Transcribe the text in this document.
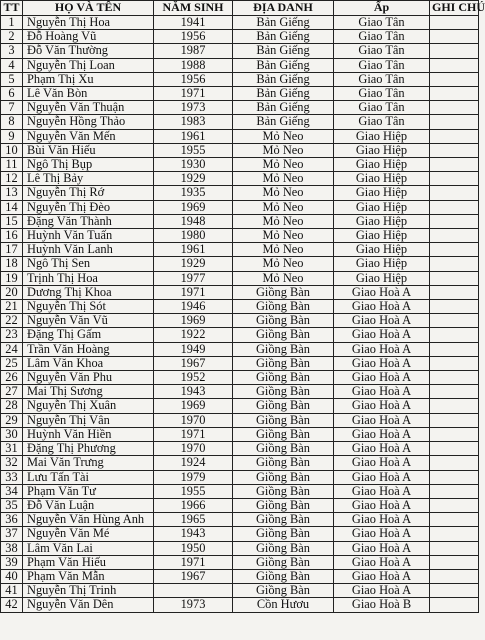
TT	HỌ VÀ TÊN	NĂM SINH	ĐỊA DANH	Ấp	GHI CHÚ
1	Nguyễn Thị Hoa	1941	Bản Giếng	Giao Tân	
2	Đỗ Hoàng Vũ	1956	Bản Giếng	Giao Tân	
3	Đỗ Văn Thường	1987	Bản Giếng	Giao Tân	
4	Nguyễn Thị Loan	1988	Bản Giếng	Giao Tân	
5	Phạm Thị Xu	1956	Bản Giếng	Giao Tân	
6	Lê Văn Bòn	1971	Bản Giếng	Giao Tân	
7	Nguyễn Văn Thuận	1973	Bản Giếng	Giao Tân	
8	Nguyễn Hồng Thảo	1983	Bản Giếng	Giao Tân	
9	Nguyễn Văn Mến	1961	Mỏ Neo	Giao Hiệp	
10	Bùi Văn Hiếu	1955	Mỏ Neo	Giao Hiệp	
11	Ngô Thị Bụp	1930	Mỏ Neo	Giao Hiệp	
12	Lê Thị Bảy	1929	Mỏ Neo	Giao Hiệp	
13	Nguyễn Thị Rớ	1935	Mỏ Neo	Giao Hiệp	
14	Nguyễn Thị Đèo	1969	Mỏ Neo	Giao Hiệp	
15	Đặng Văn Thành	1948	Mỏ Neo	Giao Hiệp	
16	Huỳnh Văn Tuấn	1980	Mỏ Neo	Giao Hiệp	
17	Huỳnh Văn Lanh	1961	Mỏ Neo	Giao Hiệp	
18	Ngô Thị Sen	1929	Mỏ Neo	Giao Hiệp	
19	Trịnh Thị Hoa	1977	Mỏ Neo	Giao Hiệp	
20	Dương Thị Khoa	1971	Giồng Bàn	Giao Hoà A	
21	Nguyễn Thị Sót	1946	Giồng Bàn	Giao Hoà A	
22	Nguyễn Văn Vũ	1969	Giồng Bàn	Giao Hoà A	
23	Đặng Thị Gấm	1922	Giồng Bàn	Giao Hoà A	
24	Trần Văn Hoàng	1949	Giồng Bàn	Giao Hoà A	
25	Lâm Văn Khoa	1967	Giồng Bàn	Giao Hoà A	
26	Nguyễn Văn Phu	1952	Giồng Bàn	Giao Hoà A	
27	Mai Thị Sương	1943	Giồng Bàn	Giao Hoà A	
28	Nguyễn Thị Xuân	1969	Giồng Bàn	Giao Hoà A	
29	Nguyễn Thị Vân	1970	Giồng Bàn	Giao Hoà A	
30	Huỳnh Văn Hiền	1971	Giồng Bàn	Giao Hoà A	
31	Đặng Thị Phương	1970	Giồng Bàn	Giao Hoà A	
32	Mai Văn Trưng	1924	Giồng Bàn	Giao Hoà A	
33	Lưu Tấn Tài	1979	Giồng Bàn	Giao Hoà A	
34	Phạm Văn Tư	1955	Giồng Bàn	Giao Hoà A	
35	Đỗ Văn Luận	1966	Giồng Bàn	Giao Hoà A	
36	Nguyễn Văn Hùng Anh	1965	Giồng Bàn	Giao Hoà A	
37	Nguyễn Văn Mé	1943	Giồng Bàn	Giao Hoà A	
38	Lâm Văn Lai	1950	Giồng Bàn	Giao Hoà A	
39	Phạm Văn Hiếu	1971	Giồng Bàn	Giao Hoà A	
40	Phạm Văn Mẫn	1967	Giồng Bàn	Giao Hoà A	
41	Nguyễn Thị Trinh		Giồng Bàn	Giao Hoà A	
42	Nguyễn Văn Dên	1973	Cồn Hươu	Giao Hoà B	
